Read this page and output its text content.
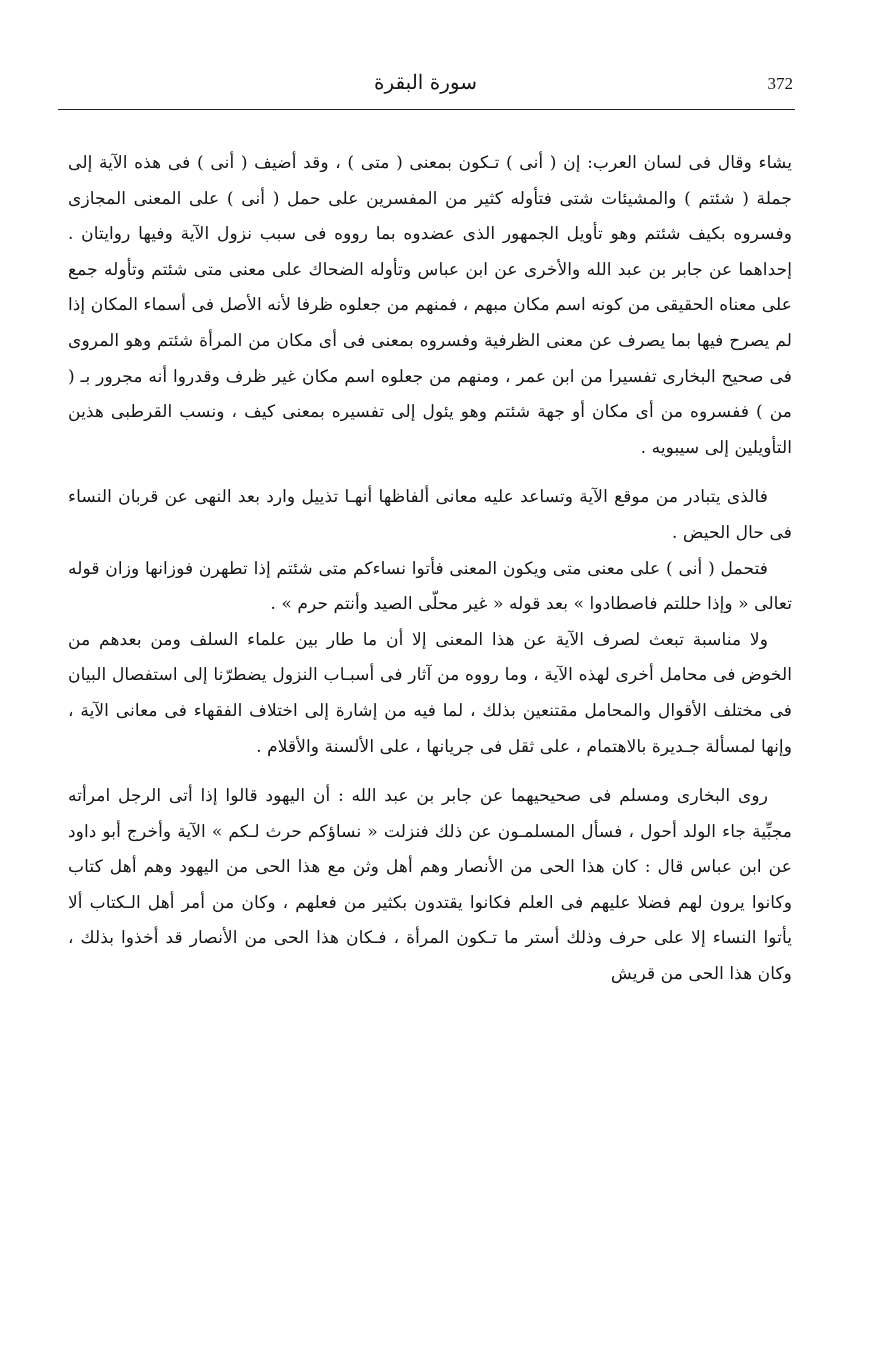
372
سورة البقرة

يشاء وقال فى لسان العرب: إن ( أنى ) تـكون بمعنى ( متى ) ، وقد أضيف ( أنى ) فى هذه الآية إلى جملة ( شئتم ) والمشيئات شتى فتأوله كثير من المفسرين على حمل ( أنى ) على المعنى المجازى وفسروه بكيف شئتم وهو تأويل الجمهور الذى عضدوه بما رووه فى سبب نزول الآية وفيها روايتان . إحداهما عن جابر بن عبد الله والأخرى عن ابن عباس وتأوله الضحاك على معنى متى شئتم وتأوله جمع على معناه الحقيقى من كونه اسم مكان مبهم ، فمنهم من جعلوه ظرفا لأنه الأصل فى أسماء المكان إذا لم يصرح فيها بما يصرف عن معنى الظرفية وفسروه بمعنى فى أى مكان من المرأة شئتم وهو المروى فى صحيح البخارى تفسيرا من ابن عمر ، ومنهم من جعلوه اسم مكان غير ظرف وقدروا أنه مجرور بـ ( من ) ففسروه من أى مكان أو جهة شئتم وهو يئول إلى تفسيره بمعنى كيف ، ونسب القرطبى هذين التأويلين إلى سيبويه .

فالذى يتبادر من موقع الآية وتساعد عليه معانى ألفاظها أنهـا تذييل وارد بعد النهى عن قربان النساء فى حال الحيض .

فتحمل ( أنى ) على معنى متى ويكون المعنى فأتوا نساءكم متى شئتم إذا تطهرن فوزانها وزان قوله تعالى « وإذا حللتم فاصطادوا » بعد قوله « غير محلّى الصيد وأنتم حرم » .

ولا مناسبة تبعث لصرف الآية عن هذا المعنى إلا أن ما طار بين علماء السلف ومن بعدهم من الخوض فى محامل أخرى لهذه الآية ، وما رووه من آثار فى أسبـاب النزول يضطرّنا إلى استفصال البيان فى مختلف الأقوال والمحامل مقتنعين بذلك ، لما فيه من إشارة إلى اختلاف الفقهاء فى معانى الآية ، وإنها لمسألة جـديرة بالاهتمام ، على ثقل فى جريانها ، على الألسنة والأقلام .

روى البخارى ومسلم فى صحيحيهما عن جابر بن عبد الله : أن اليهود قالوا إذا أتى الرجل امرأته مجبِّية جاء الولد أحول ، فسأل المسلمـون عن ذلك فنزلت « نساؤكم حرث لـكم » الآية وأخرج أبو داود عن ابن عباس قال : كان هذا الحى من الأنصار وهم أهل وثن مع هذا الحى من اليهود وهم أهل كتاب وكانوا يرون لهم فضلا عليهم فى العلم فكانوا يقتدون بكثير من فعلهم ، وكان من أمر أهل الـكتاب ألا يأتوا النساء إلا على حرف وذلك أستر ما تـكون المرأة ، فـكان هذا الحى من الأنصار قد أخذوا بذلك ، وكان هذا الحى من قريش
